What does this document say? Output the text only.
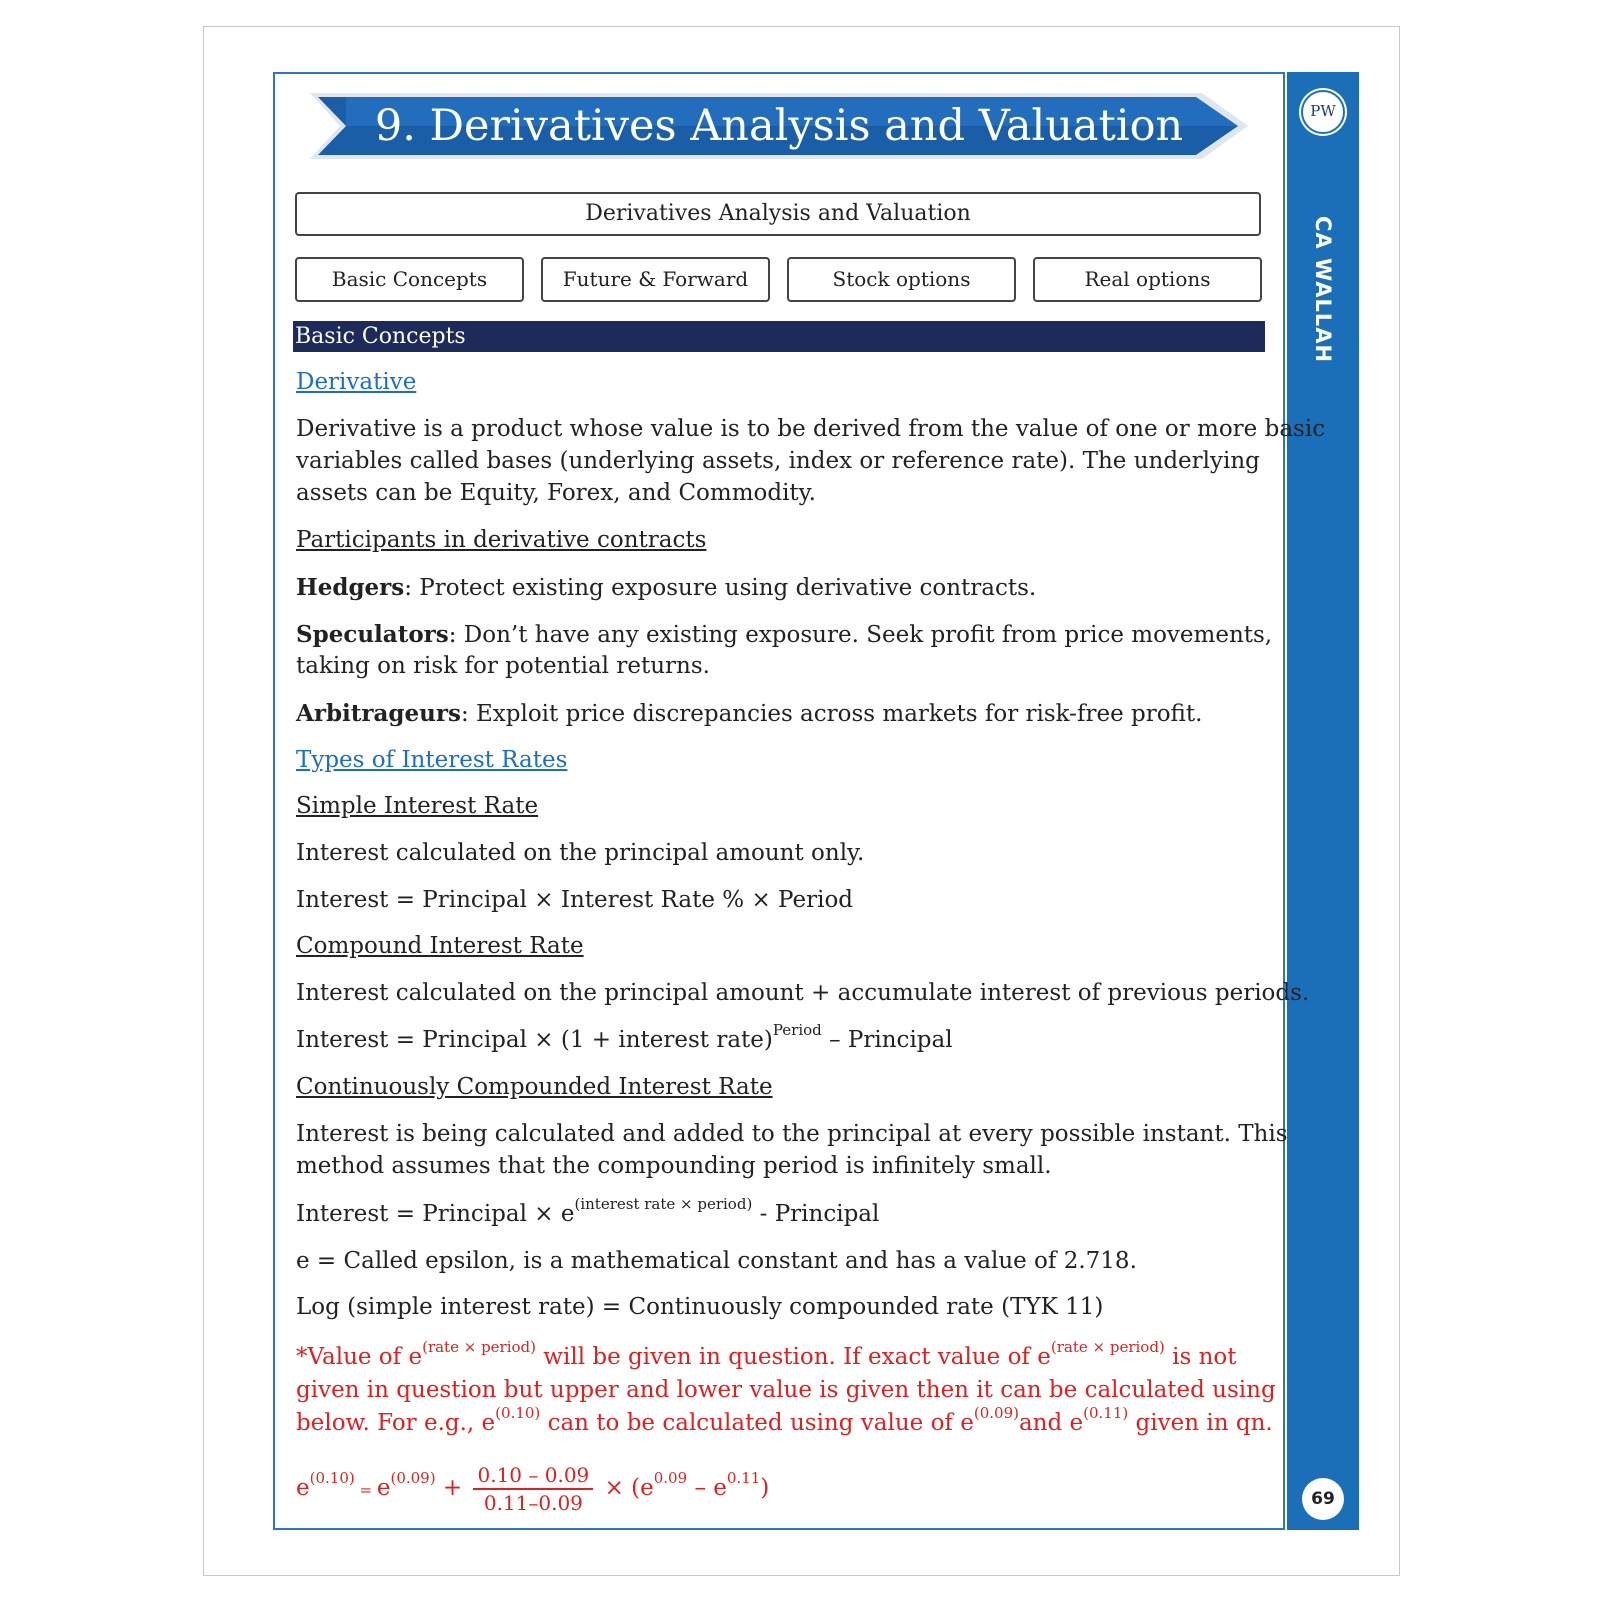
PW
CA WALLAH
69
9. Derivatives Analysis and Valuation
Derivatives Analysis and Valuation
Basic Concepts	Future & Forward	Stock options	Real options
Basic Concepts
Derivative
Derivative is a product whose value is to be derived from the value of one or more basic
variables called bases (underlying assets, index or reference rate). The underlying
assets can be Equity, Forex, and Commodity.
Participants in derivative contracts
Hedgers: Protect existing exposure using derivative contracts.
Speculators: Don’t have any existing exposure. Seek profit from price movements,
taking on risk for potential returns.
Arbitrageurs: Exploit price discrepancies across markets for risk-free profit.
Types of Interest Rates
Simple Interest Rate
Interest calculated on the principal amount only.
Interest = Principal × Interest Rate % × Period
Compound Interest Rate
Interest calculated on the principal amount + accumulate interest of previous periods.
Interest = Principal × (1 + interest rate)$^{Period}$ – Principal
Continuously Compounded Interest Rate
Interest is being calculated and added to the principal at every possible instant. This
method assumes that the compounding period is infinitely small.
Interest = Principal × $e^{(interest rate \times period)}$ - Principal
e = Called epsilon, is a mathematical constant and has a value of 2.718.
Log (simple interest rate) = Continuously compounded rate (TYK 11)
*Value of $e^{(rate \times period)}$ will be given in question. If exact value of $e^{(rate \times period)}$ is not
given in question but upper and lower value is given then it can be calculated using
below. For e.g., $e^{(0.10)}$ can to be calculated using value of $e^{(0.09)}and$ $e^{(0.11)}$ given in qn.
$e^{(0.10)} = e^{(0.09)} + \frac{0.10 - 0.09}{0.11-0.09} \times (e^{0.09} - e^{0.11})$
